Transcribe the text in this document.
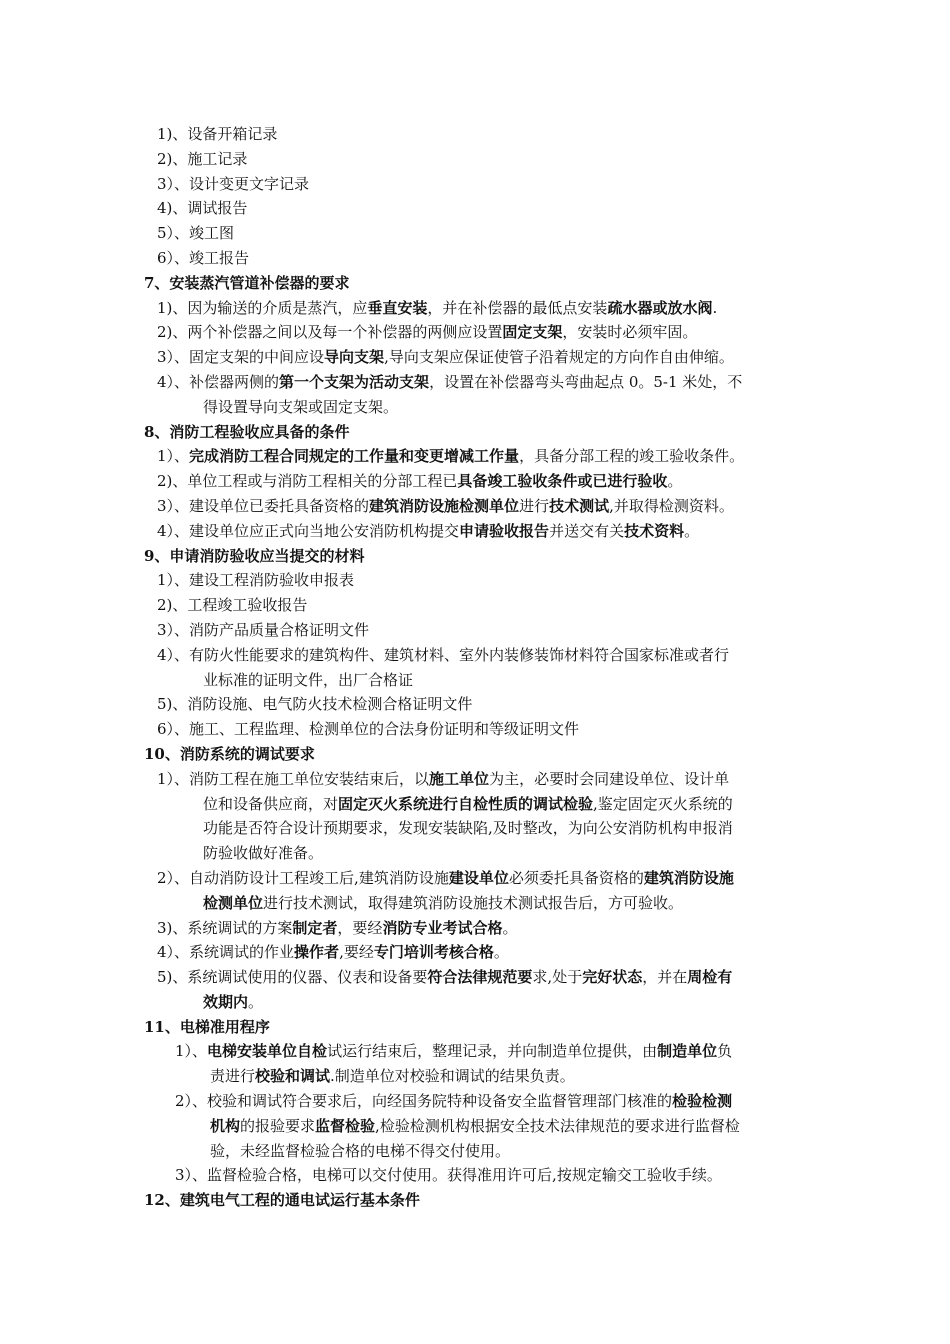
1)、设备开箱记录
2)、施工记录
3）、设计变更文字记录
4)、调试报告
5）、竣工图
6）、竣工报告
7、安装蒸汽管道补偿器的要求
1)、因为输送的介质是蒸汽，应垂直安装，并在补偿器的最低点安装疏水器或放水阀.
2)、两个补偿器之间以及每一个补偿器的两侧应设置固定支架，安装时必须牢固。
3）、固定支架的中间应设导向支架,导向支架应保证使管子沿着规定的方向作自由伸缩。
4）、补偿器两侧的第一个支架为活动支架，设置在补偿器弯头弯曲起点 0。5-1 米处，不
得设置导向支架或固定支架。
8、消防工程验收应具备的条件
1）、完成消防工程合同规定的工作量和变更增减工作量，具备分部工程的竣工验收条件。
2)、单位工程或与消防工程相关的分部工程已具备竣工验收条件或已进行验收。
3）、建设单位已委托具备资格的建筑消防设施检测单位进行技术测试,并取得检测资料。
4）、建设单位应正式向当地公安消防机构提交申请验收报告并送交有关技术资料。
9、申请消防验收应当提交的材料
1）、建设工程消防验收申报表
2)、工程竣工验收报告
3）、消防产品质量合格证明文件
4）、有防火性能要求的建筑构件、建筑材料、室外内装修装饰材料符合国家标准或者行
业标准的证明文件，出厂合格证
5)、消防设施、电气防火技术检测合格证明文件
6）、施工、工程监理、检测单位的合法身份证明和等级证明文件
10、消防系统的调试要求
1）、消防工程在施工单位安装结束后，以施工单位为主，必要时会同建设单位、设计单
位和设备供应商，对固定灭火系统进行自检性质的调试检验,鉴定固定灭火系统的
功能是否符合设计预期要求，发现安装缺陷,及时整改，为向公安消防机构申报消
防验收做好准备。
2）、自动消防设计工程竣工后,建筑消防设施建设单位必须委托具备资格的建筑消防设施
检测单位进行技术测试，取得建筑消防设施技术测试报告后，方可验收。
3)、系统调试的方案制定者，要经消防专业考试合格。
4）、系统调试的作业操作者,要经专门培训考核合格。
5)、系统调试使用的仪器、仪表和设备要符合法律规范要求,处于完好状态，并在周检有
效期内。
11、电梯准用程序
1）、电梯安装单位自检试运行结束后，整理记录，并向制造单位提供，由制造单位负
责进行校验和调试.制造单位对校验和调试的结果负责。
2）、校验和调试符合要求后，向经国务院特种设备安全监督管理部门核准的检验检测
机构的报验要求监督检验,检验检测机构根据安全技术法律规范的要求进行监督检
验，未经监督检验合格的电梯不得交付使用。
3）、监督检验合格，电梯可以交付使用。获得准用许可后,按规定输交工验收手续。
12、建筑电气工程的通电试运行基本条件
